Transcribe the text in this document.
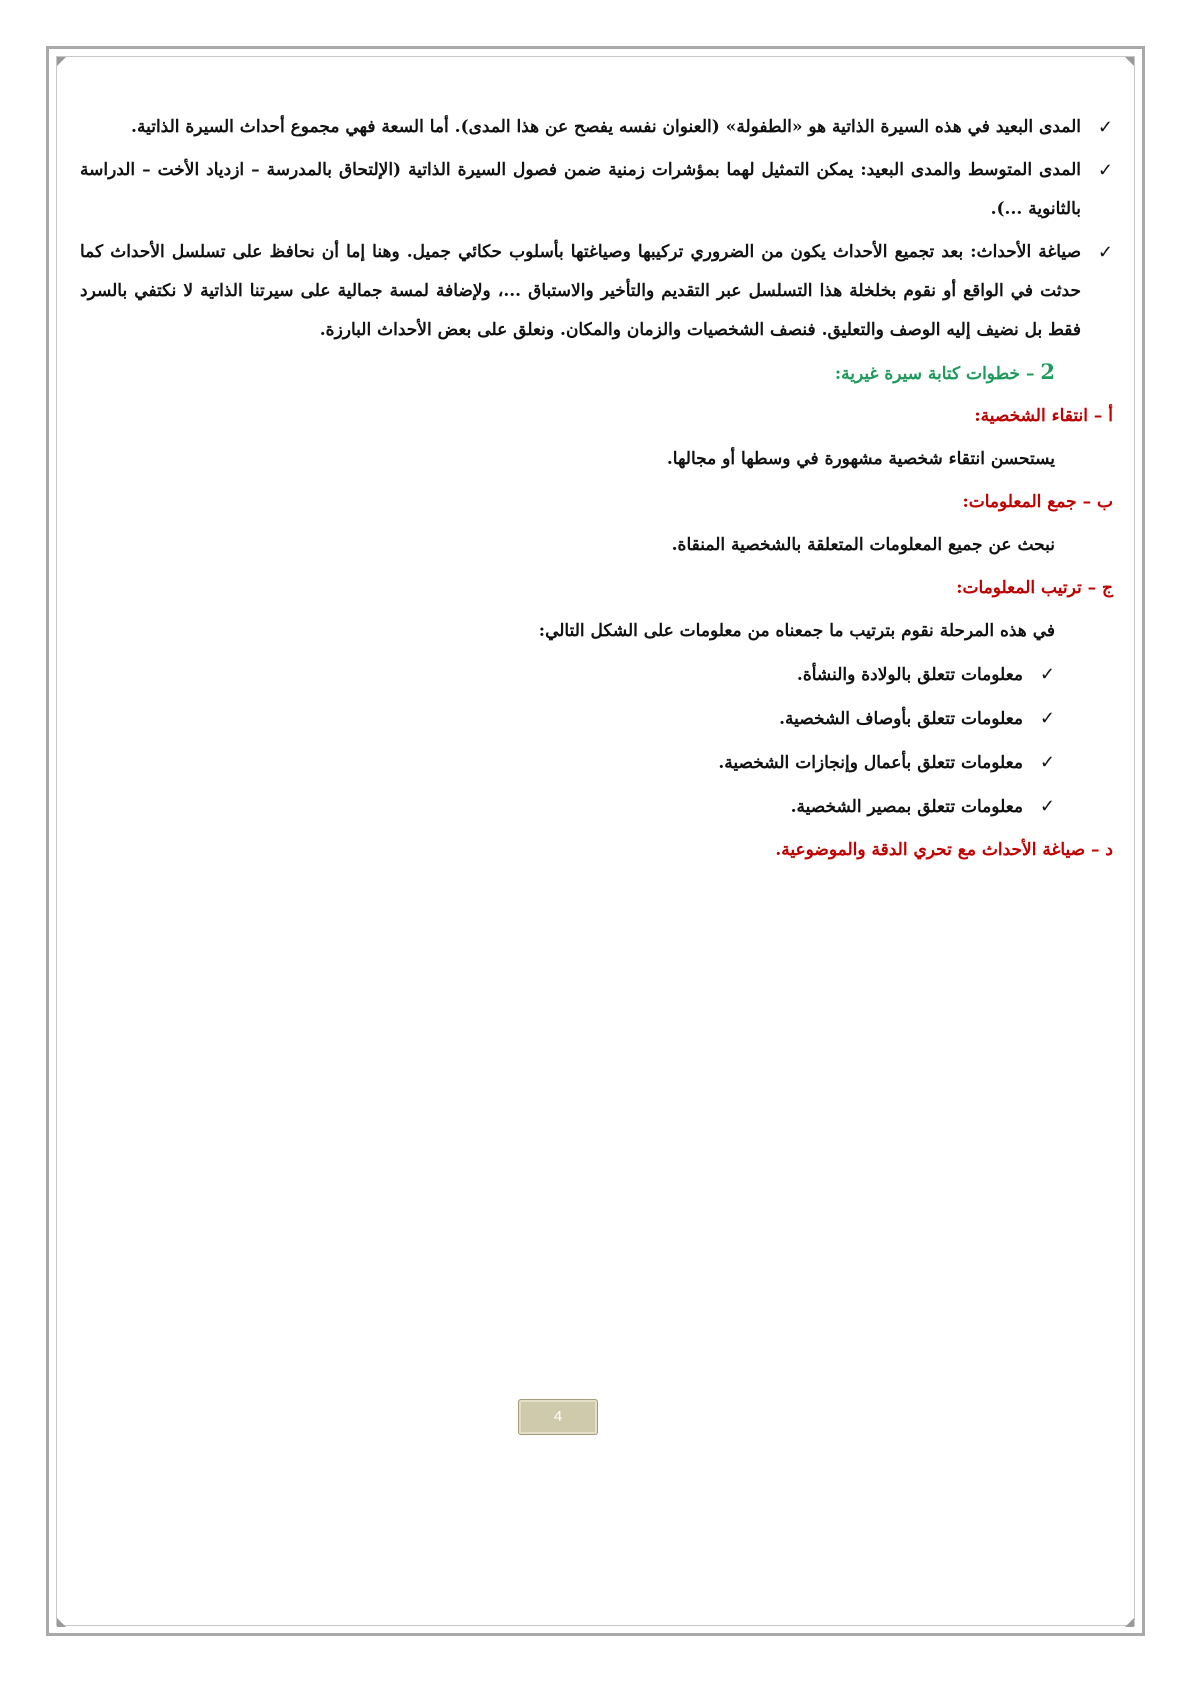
✓
المدى البعيد في هذه السيرة الذاتية هو «الطفولة» (العنوان نفسه يفصح عن هذا المدى). أما السعة فهي مجموع أحداث السيرة الذاتية.
✓
المدى المتوسط والمدى البعيد: يمكن التمثيل لهما بمؤشرات زمنية ضمن فصول السيرة الذاتية (الإلتحاق بالمدرسة – ازدياد الأخت – الدراسة بالثانوية ...).
✓
صياغة الأحداث: بعد تجميع الأحداث يكون من الضروري تركيبها وصياغتها بأسلوب حكائي جميل. وهنا إما أن نحافظ على تسلسل الأحداث كما حدثت في الواقع أو نقوم بخلخلة هذا التسلسل عبر التقديم والتأخير والاستباق ...، ولإضافة لمسة جمالية على سيرتنا الذاتية لا نكتفي بالسرد فقط بل نضيف إليه الوصف والتعليق. فنصف الشخصيات والزمان والمكان. ونعلق على بعض الأحداث البارزة.
2 – خطوات كتابة سيرة غيرية:
أ – انتقاء الشخصية:
يستحسن انتقاء شخصية مشهورة في وسطها أو مجالها.
ب – جمع المعلومات:
نبحث عن جميع المعلومات المتعلقة بالشخصية المنقاة.
ج – ترتيب المعلومات:
في هذه المرحلة نقوم بترتيب ما جمعناه من معلومات على الشكل التالي:
✓
معلومات تتعلق بالولادة والنشأة.
✓
معلومات تتعلق بأوصاف الشخصية.
✓
معلومات تتعلق بأعمال وإنجازات الشخصية.
✓
معلومات تتعلق بمصير الشخصية.
د – صياغة الأحداث مع تحري الدقة والموضوعية.
4
